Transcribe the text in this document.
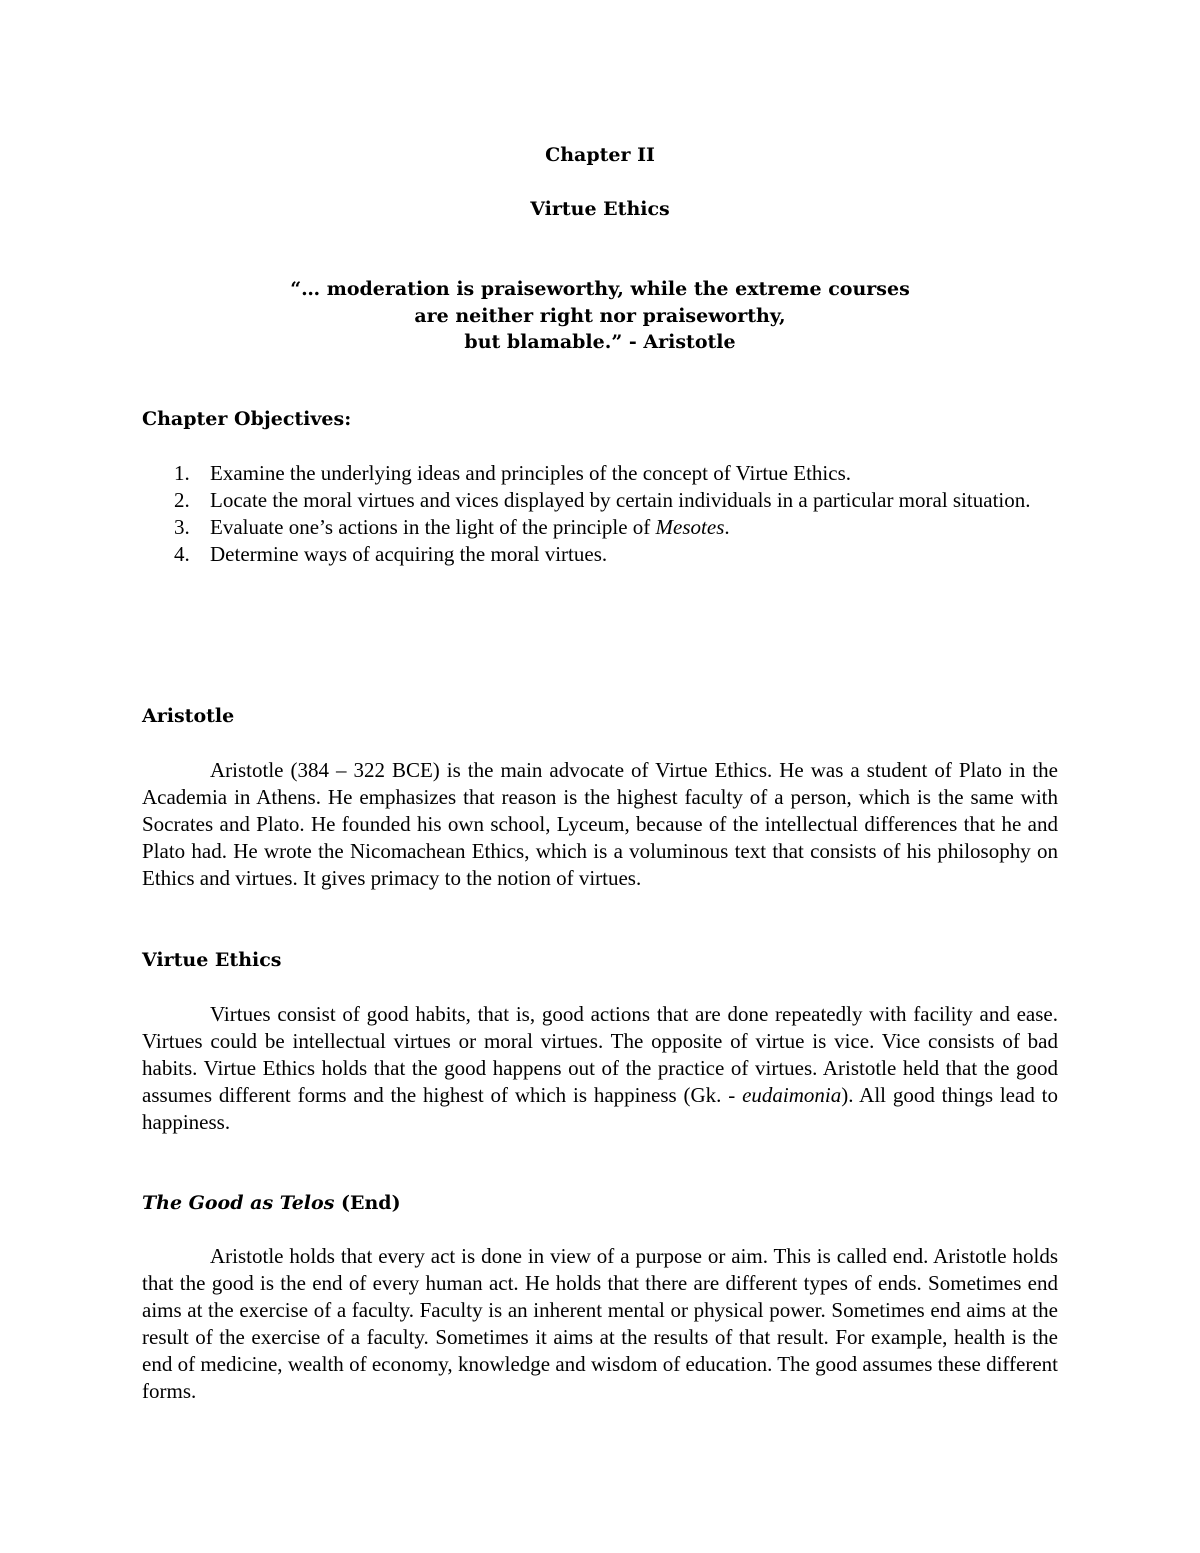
Chapter II
Virtue Ethics
“… moderation is praiseworthy, while the extreme courses
are neither right nor praiseworthy,
but blamable.” - Aristotle
Chapter Objectives:
1. Examine the underlying ideas and principles of the concept of Virtue Ethics.
2. Locate the moral virtues and vices displayed by certain individuals in a particular moral situation.
3. Evaluate one’s actions in the light of the principle of Mesotes.
4. Determine ways of acquiring the moral virtues.
Aristotle

Aristotle (384 – 322 BCE) is the main advocate of Virtue Ethics. He was a student of Plato in the Academia in Athens. He emphasizes that reason is the highest faculty of a person, which is the same with Socrates and Plato. He founded his own school, Lyceum, because of the intellectual differences that he and Plato had. He wrote the Nicomachean Ethics, which is a voluminous text that consists of his philosophy on Ethics and virtues. It gives primacy to the notion of virtues.

Virtue Ethics

Virtues consist of good habits, that is, good actions that are done repeatedly with facility and ease. Virtues could be intellectual virtues or moral virtues. The opposite of virtue is vice. Vice consists of bad habits. Virtue Ethics holds that the good happens out of the practice of virtues. Aristotle held that the good assumes different forms and the highest of which is happiness (Gk. - eudaimonia). All good things lead to happiness.

The Good as Telos (End)

Aristotle holds that every act is done in view of a purpose or aim. This is called end. Aristotle holds that the good is the end of every human act. He holds that there are different types of ends. Sometimes end aims at the exercise of a faculty. Faculty is an inherent mental or physical power. Sometimes end aims at the result of the exercise of a faculty. Sometimes it aims at the results of that result. For example, health is the end of medicine, wealth of economy, knowledge and wisdom of education. The good assumes these different forms.
